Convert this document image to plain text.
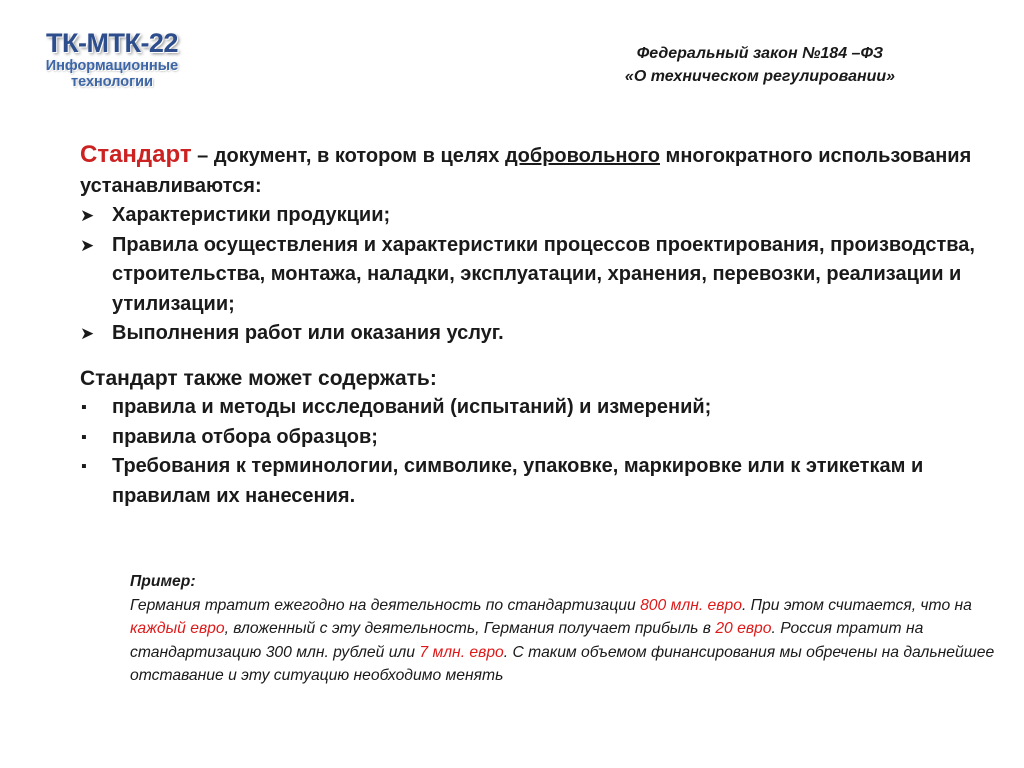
ТК-МТК-22
Информационные
технологии
Федеральный закон №184 –ФЗ
«О техническом регулировании»
Стандарт – документ, в котором в целях добровольного многократного использования устанавливаются:
➤ Характеристики продукции;
➤ Правила осуществления и характеристики процессов проектирования, производства, строительства, монтажа, наладки, эксплуатации, хранения, перевозки, реализации и утилизации;
➤ Выполнения работ или оказания услуг.
Стандарт также может содержать:
▪ правила и методы исследований (испытаний) и измерений;
▪ правила отбора образцов;
▪ Требования к терминологии, символике, упаковке, маркировке или к этикеткам и правилам их нанесения.
Пример:
Германия тратит ежегодно на деятельность по стандартизации 800 млн. евро. При этом считается, что на каждый евро, вложенный с эту деятельность, Германия получает прибыль в 20 евро. Россия тратит на стандартизацию 300 млн. рублей или 7 млн. евро. С таким объемом финансирования мы обречены на дальнейшее отставание и эту ситуацию необходимо менять
